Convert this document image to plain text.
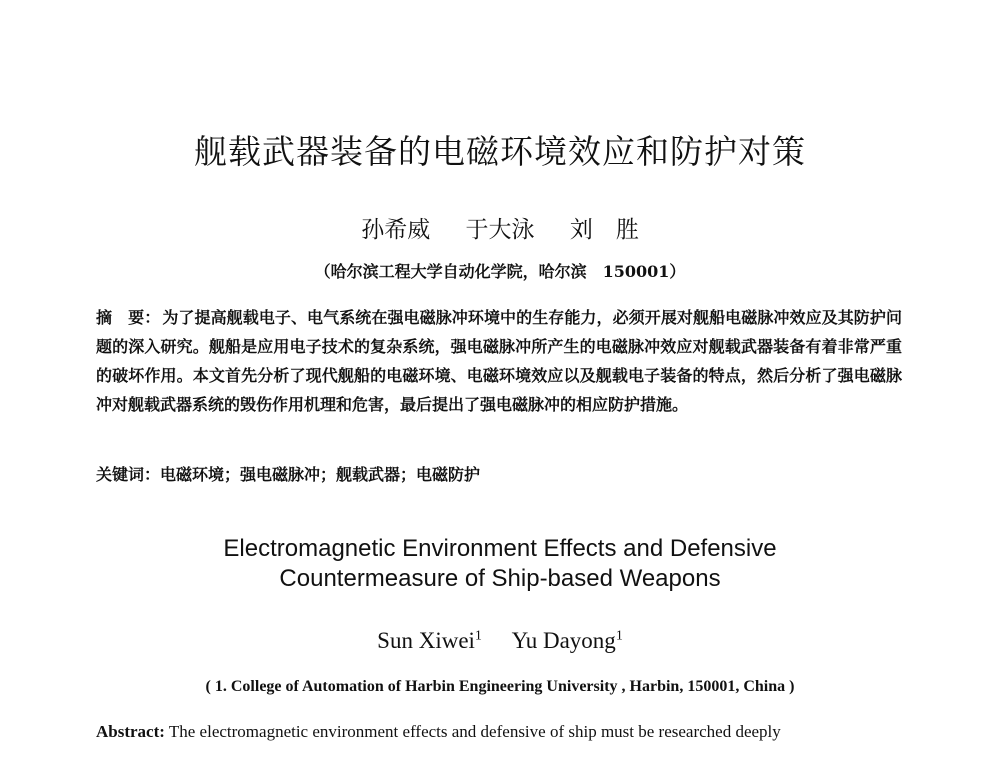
舰载武器装备的电磁环境效应和防护对策
孙希威 于大泳 刘　胜
（哈尔滨工程大学自动化学院，哈尔滨　150001）
摘　要： 为了提高舰载电子、电气系统在强电磁脉冲环境中的生存能力，必须开展对舰船电磁脉冲效应及其防护问题的深入研究。舰船是应用电子技术的复杂系统，强电磁脉冲所产生的电磁脉冲效应对舰载武器装备有着非常严重的破坏作用。本文首先分析了现代舰船的电磁环境、电磁环境效应以及舰载电子装备的特点，然后分析了强电磁脉冲对舰载武器系统的毁伤作用机理和危害，最后提出了强电磁脉冲的相应防护措施。
关键词：电磁环境；强电磁脉冲；舰载武器；电磁防护
Electromagnetic Environment Effects and Defensive
Countermeasure of Ship-based Weapons
Sun Xiwei$^1$ Yu Dayong$^1$
( 1. College of Automation of Harbin Engineering University , Harbin, 150001, China )
Abstract: The electromagnetic environment effects and defensive of ship must be researched deeply
